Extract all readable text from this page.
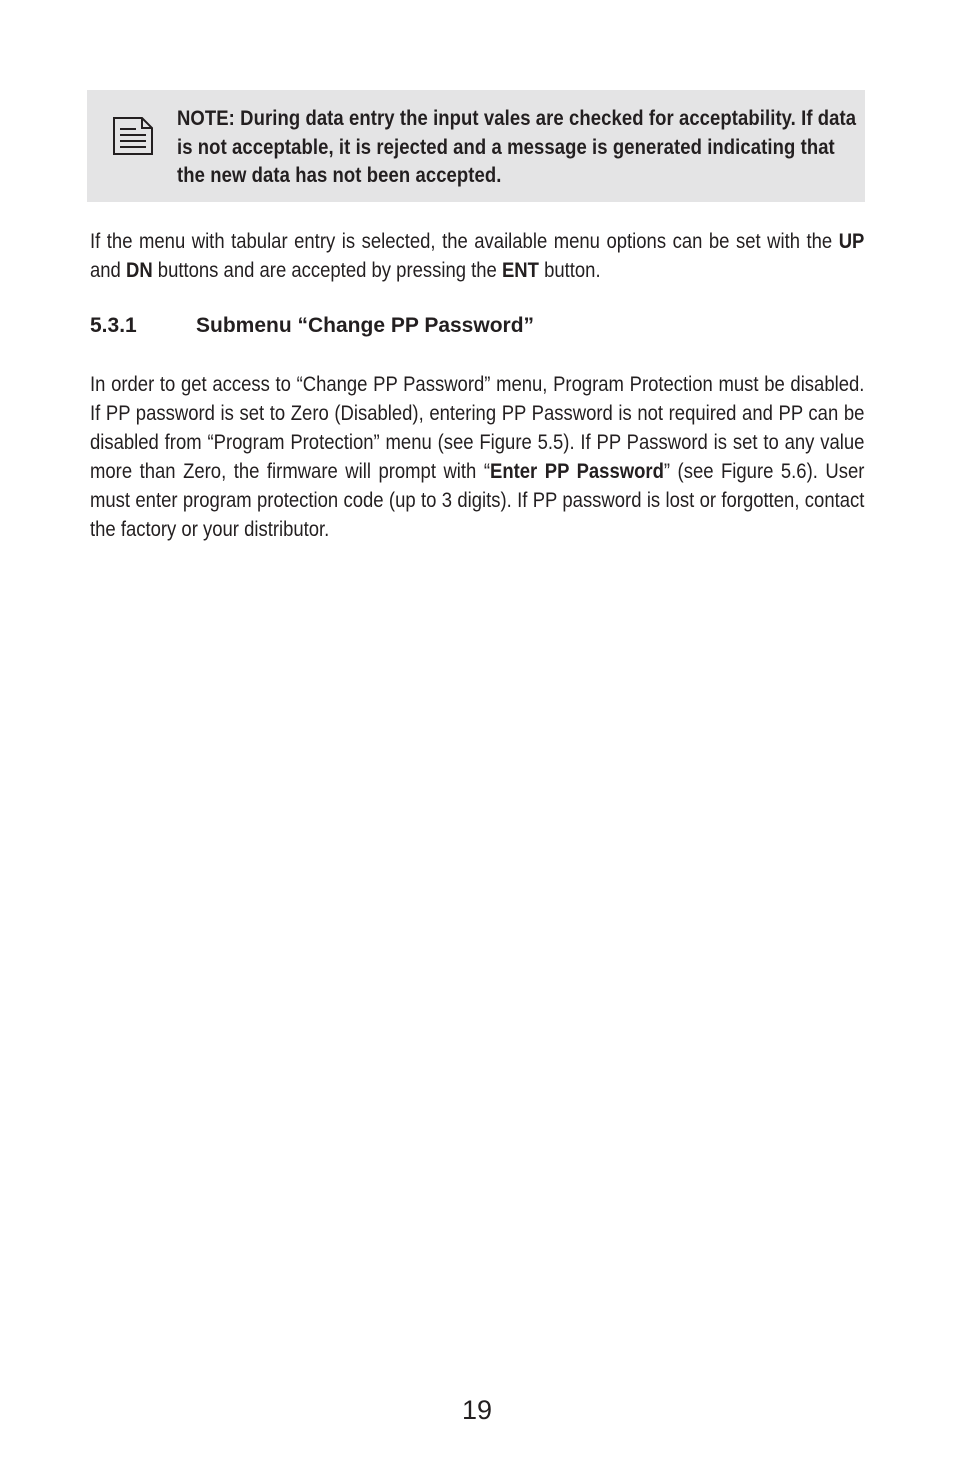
NOTE: During data entry the input vales are checked for acceptability. If data is not acceptable, it is rejected and a message is generated indicating that the new data has not been accepted.
If the menu with tabular entry is selected, the available menu options can be set with the UP and DN buttons and are accepted by pressing the ENT button.
5.3.1	Submenu “Change PP Password”
In order to get access to “Change PP Password” menu, Program Protection must be disabled. If PP password is set to Zero (Disabled), entering PP Password is not required and PP can be disabled from “Program Protection” menu (see Figure 5.5). If PP Password is set to any value more than Zero, the firmware will prompt with “Enter PP Password” (see Figure 5.6). User must enter program protection code (up to 3 digits). If PP password is lost or forgotten, contact the factory or your distributor.
19
